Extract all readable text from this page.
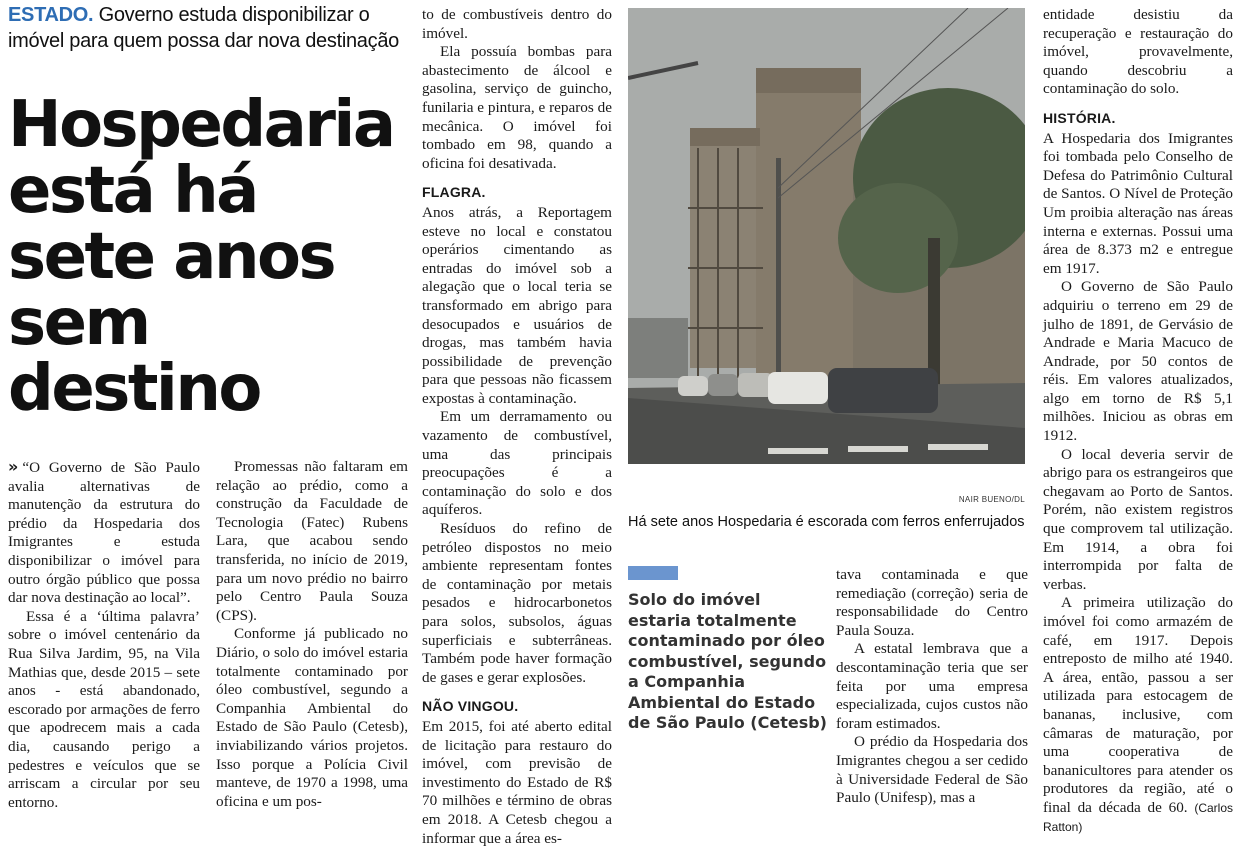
ESTADO. Governo estuda disponibilizar o imóvel para quem possa dar nova destinação
Hospedaria está há sete anos sem destino

» “O Governo de São Paulo avalia alternativas de manutenção da estrutura do prédio da Hospedaria dos Imigrantes e estuda disponibilizar o imóvel para outro órgão público que possa dar nova destinação ao local”.

Essa é a ‘última palavra’ sobre o imóvel centenário da Rua Silva Jardim, 95, na Vila Mathias que, desde 2015 – sete anos - está abandonado, escorado por armações de ferro que apodrecem mais a cada dia, causando perigo a pedestres e veículos que se arriscam a circular por seu entorno.

Promessas não faltaram em relação ao prédio, como a construção da Faculdade de Tecnologia (Fatec) Rubens Lara, que acabou sendo transferida, no início de 2019, para um novo prédio no bairro pelo Centro Paula Souza (CPS).

Conforme já publicado no Diário, o solo do imóvel estaria totalmente contaminado por óleo combustível, segundo a Companhia Ambiental do Estado de São Paulo (Cetesb), inviabilizando vários projetos. Isso porque a Polícia Civil manteve, de 1970 a 1998, uma oficina e um pos-

to de combustíveis dentro do imóvel.

Ela possuía bombas para abastecimento de álcool e gasolina, serviço de guincho, funilaria e pintura, e reparos de mecânica. O imóvel foi tombado em 98, quando a oficina foi desativada.

FLAGRA.

Anos atrás, a Reportagem esteve no local e constatou operários cimentando as entradas do imóvel sob a alegação que o local teria se transformado em abrigo para desocupados e usuários de drogas, mas também havia possibilidade de prevenção para que pessoas não ficassem expostas à contaminação.

Em um derramamento ou vazamento de combustível, uma das principais preocupações é a contaminação do solo e dos aquíferos.

Resíduos do refino de petróleo dispostos no meio ambiente representam fontes de contaminação por metais pesados e hidrocarbonetos para solos, subsolos, águas superficiais e subterrâneas. Também pode haver formação de gases e gerar explosões.

NÃO VINGOU.

Em 2015, foi até aberto edital de licitação para restauro do imóvel, com previsão de investimento do Estado de R$ 70 milhões e término de obras em 2018. A Cetesb chegou a informar que a área es-

NAIR BUENO/DL
Há sete anos Hospedaria é escorada com ferros enferrujados
Solo do imóvel estaria totalmente contaminado por óleo combustível, segundo a Companhia Ambiental do Estado de São Paulo (Cetesb)

tava contaminada e que remediação (correção) seria de responsabilidade do Centro Paula Souza.

A estatal lembrava que a descontaminação teria que ser feita por uma empresa especializada, cujos custos não foram estimados.

O prédio da Hospedaria dos Imigrantes chegou a ser cedido à Universidade Federal de São Paulo (Unifesp), mas a

entidade desistiu da recuperação e restauração do imóvel, provavelmente, quando descobriu a contaminação do solo.

HISTÓRIA.

A Hospedaria dos Imigrantes foi tombada pelo Conselho de Defesa do Patrimônio Cultural de Santos. O Nível de Proteção Um proibia alteração nas áreas interna e externas. Possui uma área de 8.373 m2 e entregue em 1917.

O Governo de São Paulo adquiriu o terreno em 29 de julho de 1891, de Gervásio de Andrade e Maria Macuco de Andrade, por 50 contos de réis. Em valores atualizados, algo em torno de R$ 5,1 milhões. Iniciou as obras em 1912.

O local deveria servir de abrigo para os estrangeiros que chegavam ao Porto de Santos. Porém, não existem registros que comprovem tal utilização. Em 1914, a obra foi interrompida por falta de verbas.

A primeira utilização do imóvel foi como armazém de café, em 1917. Depois entreposto de milho até 1940. A área, então, passou a ser utilizada para estocagem de bananas, inclusive, com câmaras de maturação, por uma cooperativa de bananicultores para atender os produtores da região, até o final da década de 60. (Carlos Ratton)
